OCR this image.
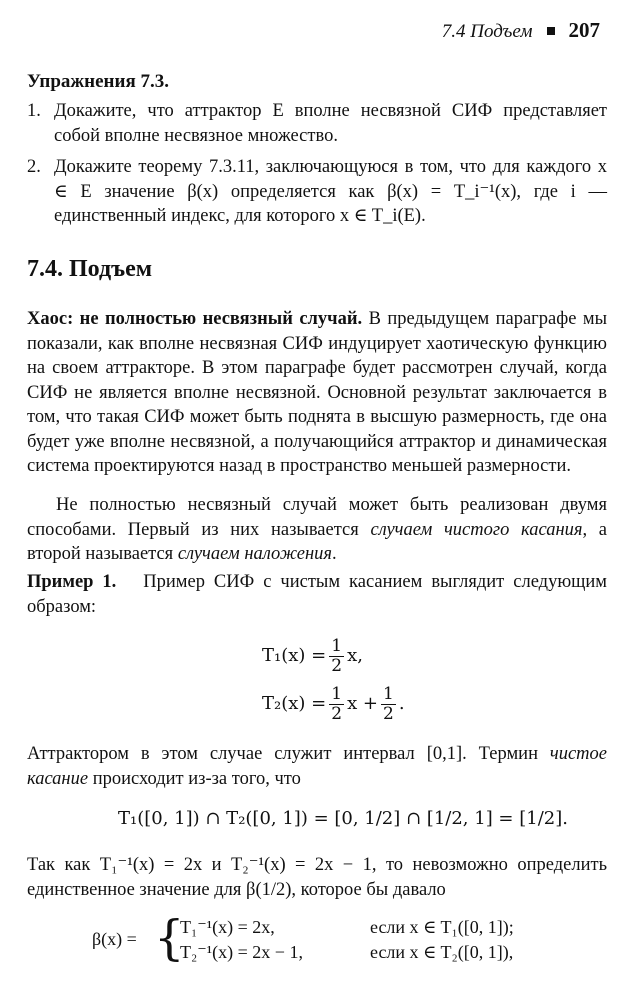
7.4 Подъем 207
Упражнения 7.3.
1. Докажите, что аттрактор E вполне несвязной СИФ представляет собой вполне несвязное множество.
2. Докажите теорему 7.3.11, заключающуюся в том, что для каждого x ∈ E значение β(x) определяется как β(x) = T_i⁻¹(x), где i — единственный индекс, для которого x ∈ T_i(E).
7.4. Подъем
Хаос: не полностью несвязный случай. В предыдущем параграфе мы показали, как вполне несвязная СИФ индуцирует хаотическую функцию на своем аттракторе. В этом параграфе будет рассмотрен случай, когда СИФ не является вполне несвязной. Основной результат заключается в том, что такая СИФ может быть поднята в высшую размерность, где она будет уже вполне несвязной, а получающийся аттрактор и динамическая система проектируются назад в пространство меньшей размерности.
Не полностью несвязный случай может быть реализован двумя способами. Первый из них называется случаем чистого касания, а второй называется случаем наложения.
Пример 1. Пример СИФ с чистым касанием выглядит следующим образом:
$T_1(x) = \frac{1}{2} x$,
$T_2(x) = \frac{1}{2}$ $x + \frac{1}{2}$ .
Аттрактором в этом случае служит интервал [0,1]. Термин чистое касание происходит из-за того, что
T₁([0, 1]) ∩ T₂([0, 1]) = [0, 1/2] ∩ [1/2, 1] = [1/2].
Так как T₁⁻¹(x) = 2x и T₂⁻¹(x) = 2x − 1, то невозможно определить единственное значение для β(1/2), которое бы давало
β(x) = {
T₁⁻¹(x) = 2x,
T₂⁻¹(x) = 2x − 1,
если x ∈ T₁([0, 1]);
если x ∈ T₂([0, 1]),
